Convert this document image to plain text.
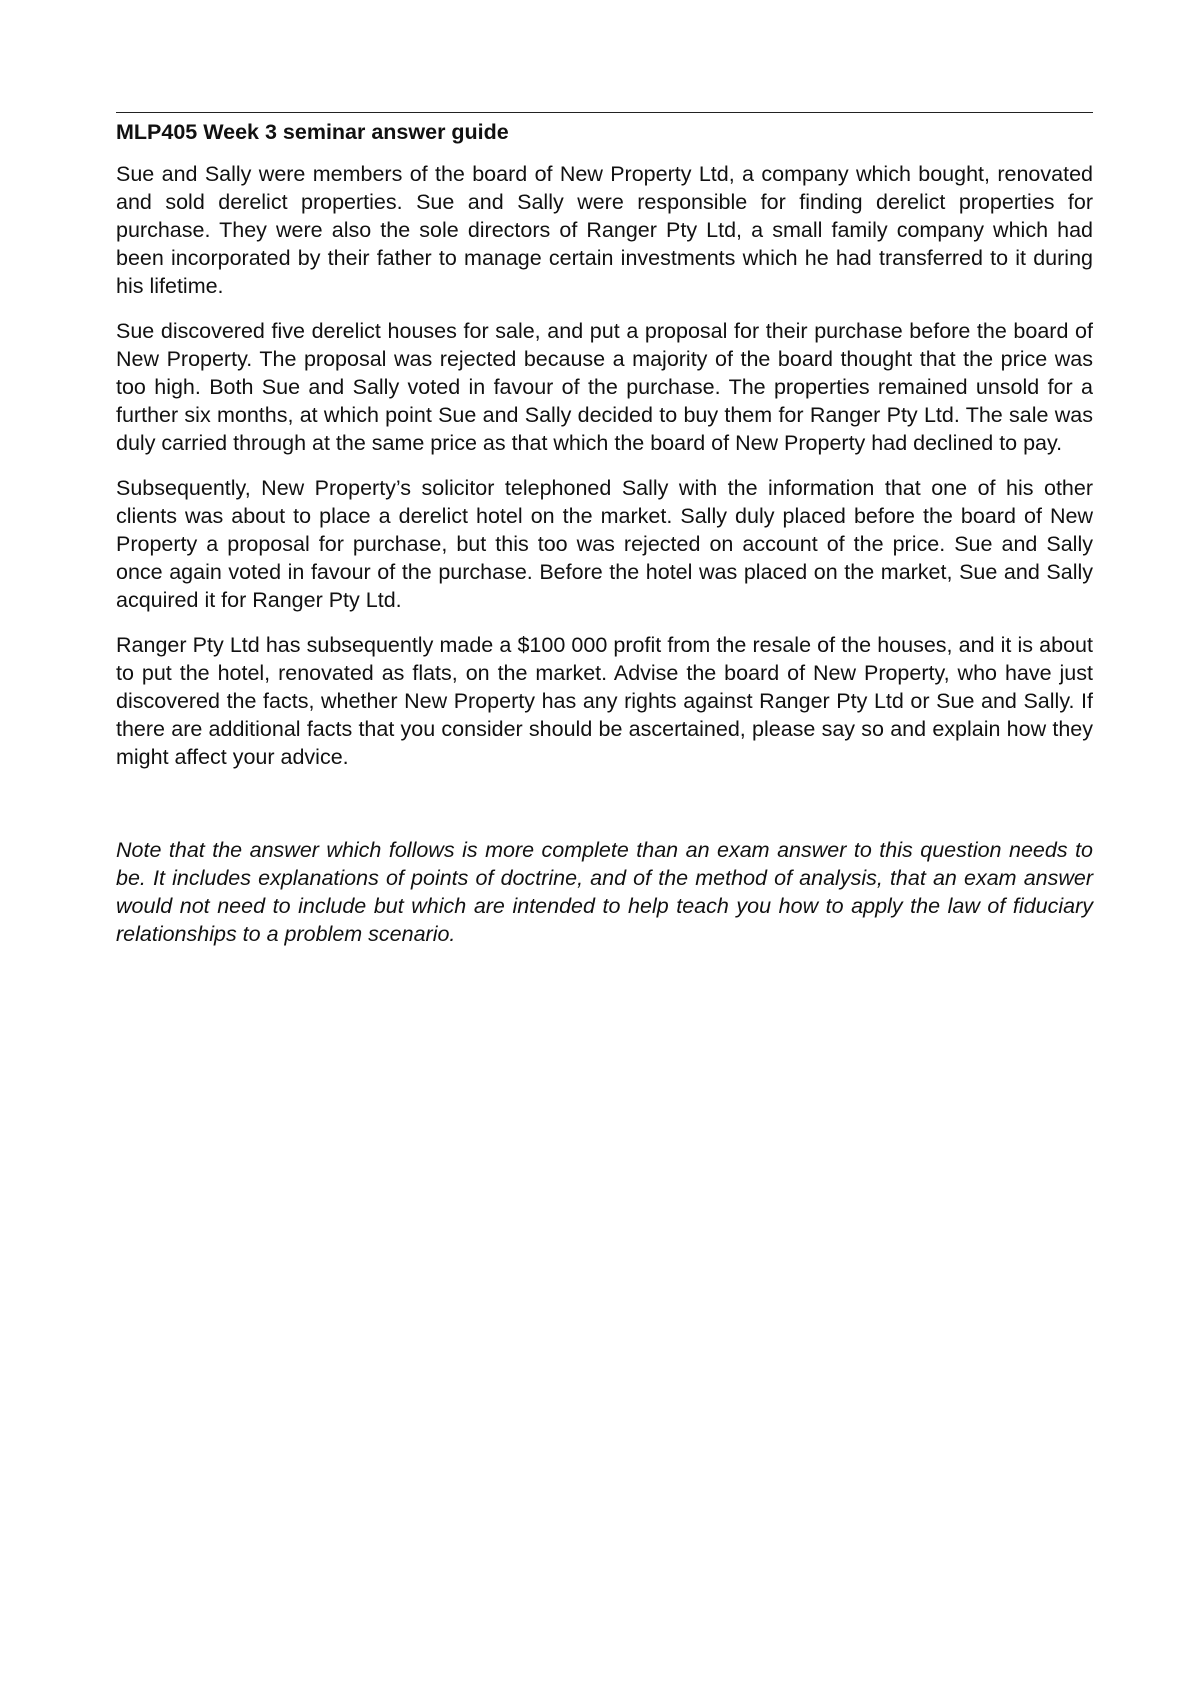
MLP405 Week 3 seminar answer guide

Sue and Sally were members of the board of New Property Ltd, a company which bought, renovated and sold derelict properties. Sue and Sally were responsible for finding derelict properties for purchase. They were also the sole directors of Ranger Pty Ltd, a small family company which had been incorporated by their father to manage certain investments which he had transferred to it during his lifetime.

Sue discovered five derelict houses for sale, and put a proposal for their purchase before the board of New Property. The proposal was rejected because a majority of the board thought that the price was too high. Both Sue and Sally voted in favour of the purchase. The properties remained unsold for a further six months, at which point Sue and Sally decided to buy them for Ranger Pty Ltd. The sale was duly carried through at the same price as that which the board of New Property had declined to pay.

Subsequently, New Property’s solicitor telephoned Sally with the information that one of his other clients was about to place a derelict hotel on the market. Sally duly placed before the board of New Property a proposal for purchase, but this too was rejected on account of the price. Sue and Sally once again voted in favour of the purchase. Before the hotel was placed on the market, Sue and Sally acquired it for Ranger Pty Ltd.

Ranger Pty Ltd has subsequently made a $100 000 profit from the resale of the houses, and it is about to put the hotel, renovated as flats, on the market. Advise the board of New Property, who have just discovered the facts, whether New Property has any rights against Ranger Pty Ltd or Sue and Sally. If there are additional facts that you consider should be ascertained, please say so and explain how they might affect your advice.

Note that the answer which follows is more complete than an exam answer to this question needs to be. It includes explanations of points of doctrine, and of the method of analysis, that an exam answer would not need to include but which are intended to help teach you how to apply the law of fiduciary relationships to a problem scenario.
